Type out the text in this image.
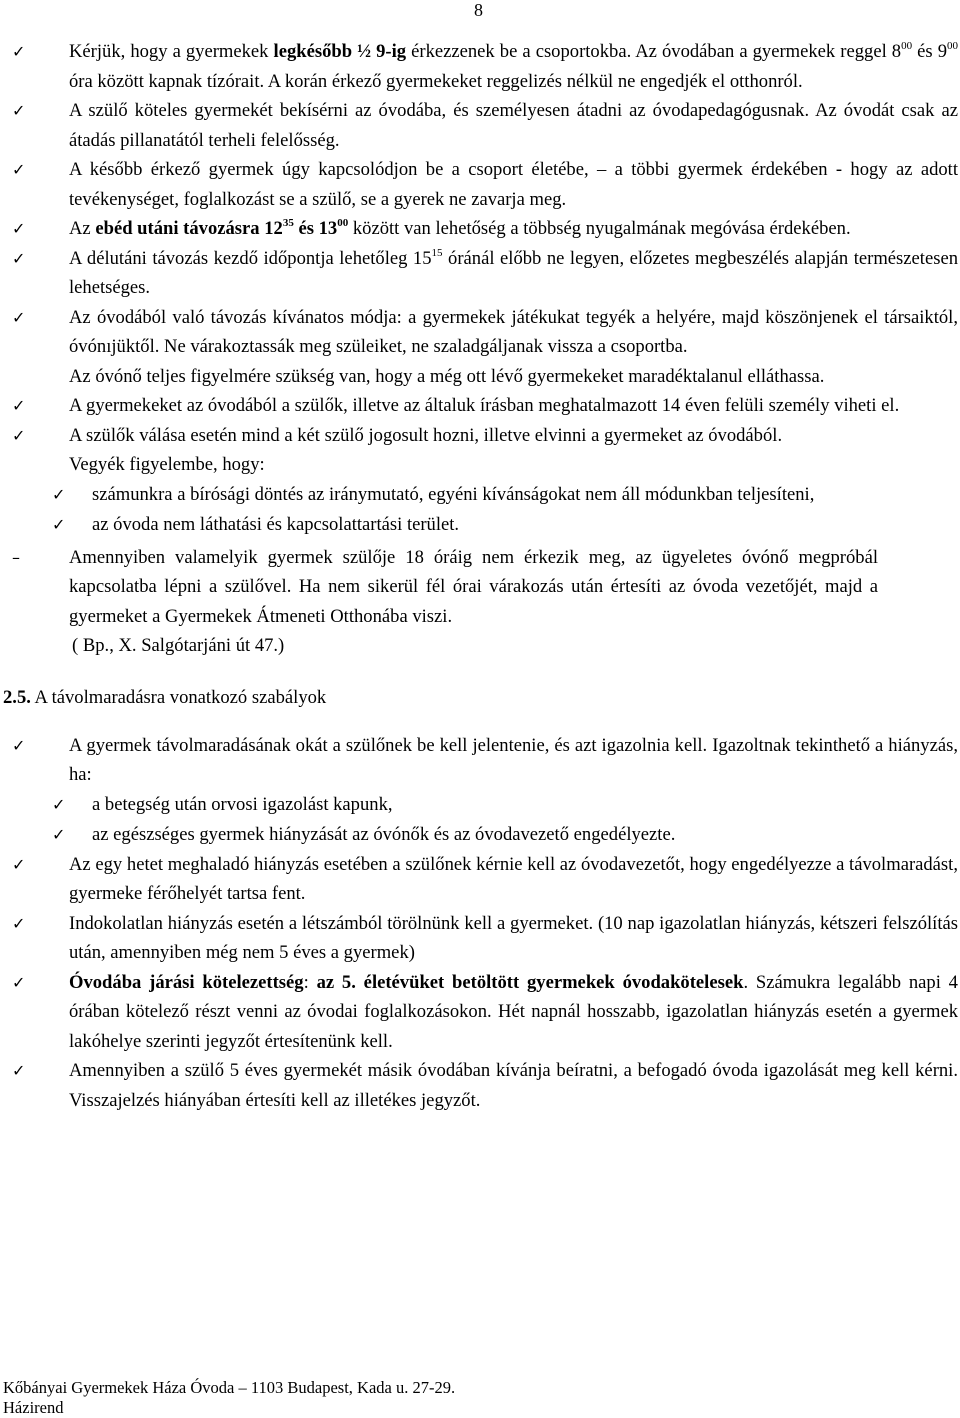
8
✓	Kérjük, hogy a gyermekek legkésőbb ½ 9-ig érkezzenek be a csoportokba. Az óvodában a gyermekek reggel $8^{00}$ és $9^{00}$ óra között kapnak tízórait. A korán érkező gyermekeket reggelizés nélkül ne engedjék el otthonról.
✓	A szülő köteles gyermekét bekísérni az óvodába, és személyesen átadni az óvodapedagógusnak. Az óvodát csak az átadás pillanatától terheli felelősség.
✓	A később érkező gyermek úgy kapcsolódjon be a csoport életébe, – a többi gyermek érdekében - hogy az adott tevékenységet, foglalkozást se a szülő, se a gyerek ne zavarja meg.
✓	Az ebéd utáni távozásra $12^{35}$ és $13^{00}$ között van lehetőség a többség nyugalmának megóvása érdekében.
✓	A délutáni távozás kezdő időpontja lehetőleg $15^{15}$ óránál előbb ne legyen, előzetes megbeszélés alapján természetesen lehetséges.
✓	Az óvodából való távozás kívánatos módja: a gyermekek játékukat tegyék a helyére, majd köszönjenek el társaiktól, óvónıjüktől. Ne várakoztassák meg szüleiket, ne szaladgáljanak vissza a csoportba.
Az óvónő teljes figyelmére szükség van, hogy a még ott lévő gyermekeket maradéktalanul elláthassa.
✓	A gyermekeket az óvodából a szülők, illetve az általuk írásban meghatalmazott 14 éven felüli személy viheti el.
✓	A szülők válása esetén mind a két szülő jogosult hozni, illetve elvinni a gyermeket az óvodából.
Vegyék figyelembe, hogy:
✓	számunkra a bírósági döntés az iránymutató, egyéni kívánságokat nem áll módunkban teljesíteni,
✓	az óvoda nem láthatási és kapcsolattartási terület.
–	Amennyiben valamelyik gyermek szülője 18 óráig nem érkezik meg, az ügyeletes óvónő megpróbál kapcsolatba lépni a szülővel. Ha nem sikerül fél órai várakozás után értesíti az óvoda vezetőjét, majd a gyermeket a Gyermekek Átmeneti Otthonába viszi.
( Bp., X. Salgótarjáni út 47.)
2.5. A távolmaradásra vonatkozó szabályok
✓	A gyermek távolmaradásának okát a szülőnek be kell jelentenie, és azt igazolnia kell. Igazoltnak tekinthető a hiányzás, ha:
✓	a betegség után orvosi igazolást kapunk,
✓	az egészséges gyermek hiányzását az óvónők és az óvodavezető engedélyezte.
✓	Az egy hetet meghaladó hiányzás esetében a szülőnek kérnie kell az óvodavezetőt, hogy engedélyezze a távolmaradást, gyermeke férőhelyét tartsa fent.
✓	Indokolatlan hiányzás esetén a létszámból törölnünk kell a gyermeket. (10 nap igazolatlan hiányzás, kétszeri felszólítás után, amennyiben még nem 5 éves a gyermek)
✓	Óvodába járási kötelezettség: az 5. életévüket betöltött gyermekek óvodakötelesek. Számukra legalább napi 4 órában kötelező részt venni az óvodai foglalkozásokon. Hét napnál hosszabb, igazolatlan hiányzás esetén a gyermek lakóhelye szerinti jegyzőt értesítenünk kell.
✓	Amennyiben a szülő 5 éves gyermekét másik óvodában kívánja beíratni, a befogadó óvoda igazolását meg kell kérni. Visszajelzés hiányában értesíti kell az illetékes jegyzőt.
Kőbányai Gyermekek Háza Óvoda – 1103 Budapest, Kada u. 27-29.
Házirend
